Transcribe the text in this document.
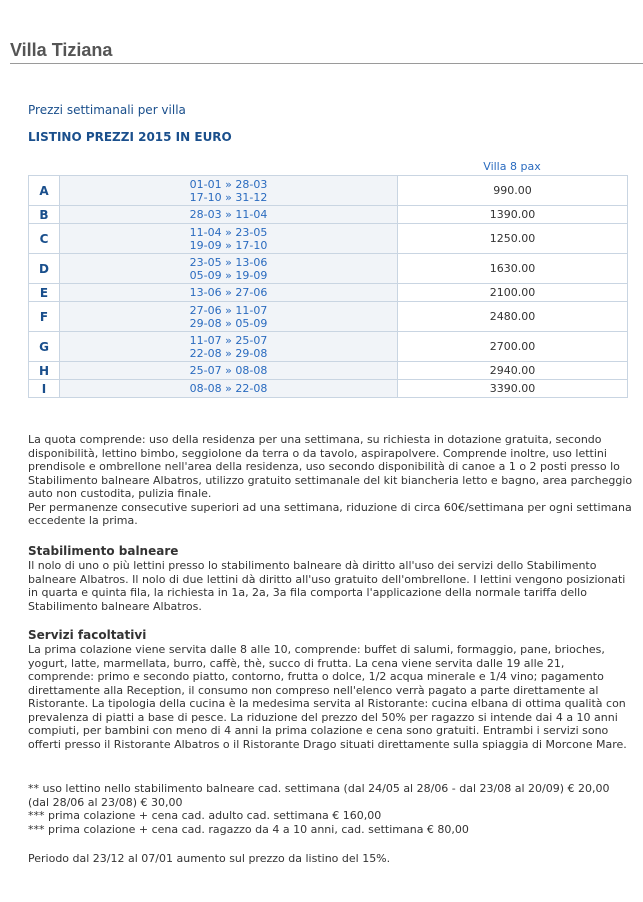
Villa Tiziana
Prezzi settimanali per villa
LISTINO PREZZI 2015 IN EURO
Villa 8 pax
A	01-01 » 28-03
17-10 » 31-12	990.00
B	28-03 » 11-04	1390.00
C	11-04 » 23-05
19-09 » 17-10	1250.00
D	23-05 » 13-06
05-09 » 19-09	1630.00
E	13-06 » 27-06	2100.00
F	27-06 » 11-07
29-08 » 05-09	2480.00
G	11-07 » 25-07
22-08 » 29-08	2700.00
H	25-07 » 08-08	2940.00
I	08-08 » 22-08	3390.00
La quota comprende: uso della residenza per una settimana, su richiesta in dotazione gratuita, secondo
disponibilità, lettino bimbo, seggiolone da terra o da tavolo, aspirapolvere. Comprende inoltre, uso lettini
prendisole e ombrellone nell'area della residenza, uso secondo disponibilità di canoe a 1 o 2 posti presso lo
Stabilimento balneare Albatros, utilizzo gratuito settimanale del kit biancheria letto e bagno, area parcheggio
auto non custodita, pulizia finale.
Per permanenze consecutive superiori ad una settimana, riduzione di circa 60€/settimana per ogni settimana
eccedente la prima.
Stabilimento balneare
Il nolo di uno o più lettini presso lo stabilimento balneare dà diritto all'uso dei servizi dello Stabilimento
balneare Albatros. Il nolo di due lettini dà diritto all'uso gratuito dell'ombrellone. I lettini vengono posizionati
in quarta e quinta fila, la richiesta in 1a, 2a, 3a fila comporta l'applicazione della normale tariffa dello
Stabilimento balneare Albatros.
Servizi facoltativi
La prima colazione viene servita dalle 8 alle 10, comprende: buffet di salumi, formaggio, pane, brioches,
yogurt, latte, marmellata, burro, caffè, thè, succo di frutta. La cena viene servita dalle 19 alle 21,
comprende: primo e secondo piatto, contorno, frutta o dolce, 1/2 acqua minerale e 1/4 vino; pagamento
direttamente alla Reception, il consumo non compreso nell'elenco verrà pagato a parte direttamente al
Ristorante. La tipologia della cucina è la medesima servita al Ristorante: cucina elbana di ottima qualità con
prevalenza di piatti a base di pesce. La riduzione del prezzo del 50% per ragazzo si intende dai 4 a 10 anni
compiuti, per bambini con meno di 4 anni la prima colazione e cena sono gratuiti. Entrambi i servizi sono
offerti presso il Ristorante Albatros o il Ristorante Drago situati direttamente sulla spiaggia di Morcone Mare.
** uso lettino nello stabilimento balneare cad. settimana (dal 24/05 al 28/06 - dal 23/08 al 20/09) € 20,00
(dal 28/06 al 23/08) € 30,00
*** prima colazione + cena cad. adulto cad. settimana € 160,00
*** prima colazione + cena cad. ragazzo da 4 a 10 anni, cad. settimana € 80,00
Periodo dal 23/12 al 07/01 aumento sul prezzo da listino del 15%.
